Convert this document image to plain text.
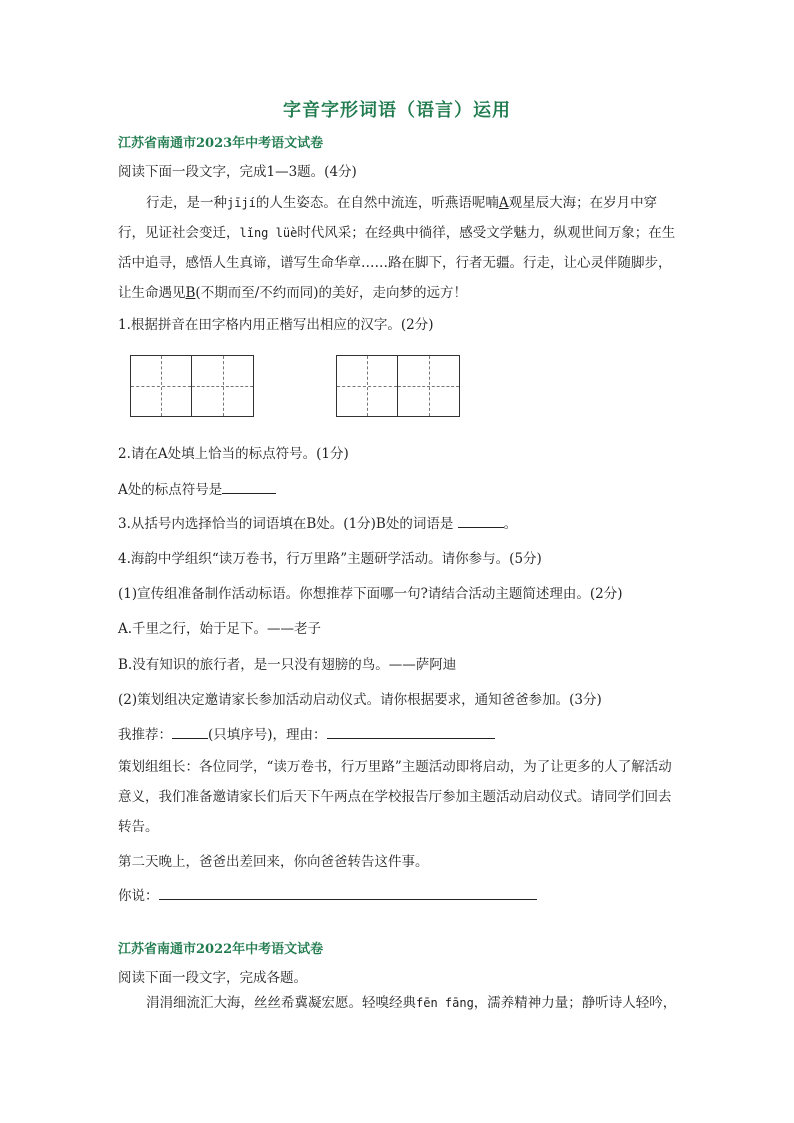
字音字形词语（语言）运用
江苏省南通市2023年中考语文试卷
阅读下面一段文字，完成1—3题。(4分)
行走，是一种jījí的人生姿态。在自然中流连，听燕语呢喃A观星辰大海；在岁月中穿行，见证社会变迁，lǐng lüè时代风采；在经典中徜徉，感受文学魅力，纵观世间万象；在生活中追寻，感悟人生真谛，谱写生命华章……路在脚下，行者无疆。行走，让心灵伴随脚步，让生命遇见B(不期而至/不约而同)的美好，走向梦的远方！
1.根据拼音在田字格内用正楷写出相应的汉字。(2分)
2.请在A处填上恰当的标点符号。(1分)
A处的标点符号是
3.从括号内选择恰当的词语填在B处。(1分)B处的词语是	。
4.海韵中学组织“读万卷书，行万里路”主题研学活动。请你参与。(5分)
(1)宣传组准备制作活动标语。你想推荐下面哪一句?请结合活动主题简述理由。(2分)
A.千里之行，始于足下。——老子
B.没有知识的旅行者，是一只没有翅膀的鸟。——萨阿迪
(2)策划组决定邀请家长参加活动启动仪式。请你根据要求，通知爸爸参加。(3分)
我推荐：	(只填序号)，理由：
策划组组长：各位同学，“读万卷书，行万里路”主题活动即将启动，为了让更多的人了解活动意义，我们准备邀请家长们后天下午两点在学校报告厅参加主题活动启动仪式。请同学们回去转告。
第二天晚上，爸爸出差回来，你向爸爸转告这件事。
你说：
江苏省南通市2022年中考语文试卷
阅读下面一段文字，完成各题。
涓涓细流汇大海，丝丝希冀凝宏愿。轻嗅经典fēn fāng，濡养精神力量；静听诗人轻吟，
